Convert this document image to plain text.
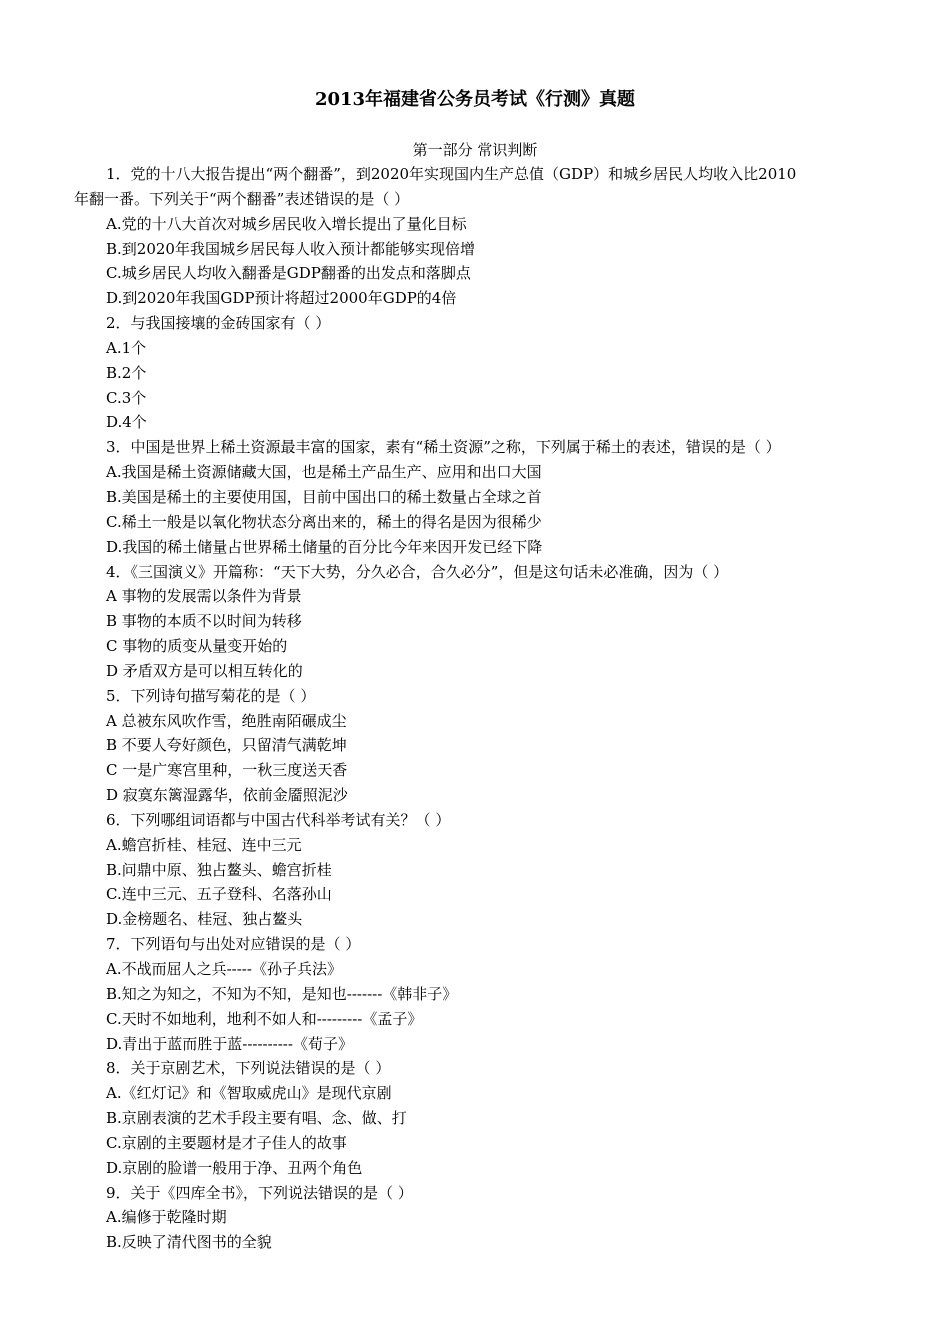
2013年福建省公务员考试《行测》真题
第一部分 常识判断
1．党的十八大报告提出“两个翻番”，到2020年实现国内生产总值（GDP）和城乡居民人均收入比2010
年翻一番。下列关于“两个翻番”表述错误的是（ ）
A.党的十八大首次对城乡居民收入增长提出了量化目标
B.到2020年我国城乡居民每人收入预计都能够实现倍增
C.城乡居民人均收入翻番是GDP翻番的出发点和落脚点
D.到2020年我国GDP预计将超过2000年GDP的4倍
2．与我国接壤的金砖国家有（ ）
A.1个
B.2个
C.3个
D.4个
3．中国是世界上稀土资源最丰富的国家，素有“稀土资源”之称，下列属于稀土的表述，错误的是（ ）
A.我国是稀土资源储藏大国，也是稀土产品生产、应用和出口大国
B.美国是稀土的主要使用国，目前中国出口的稀土数量占全球之首
C.稀土一般是以氧化物状态分离出来的，稀土的得名是因为很稀少
D.我国的稀土储量占世界稀土储量的百分比今年来因开发已经下降
4．《三国演义》开篇称：“天下大势，分久必合，合久必分”，但是这句话未必准确，因为（ ）
A 事物的发展需以条件为背景
B 事物的本质不以时间为转移
C 事物的质变从量变开始的
D 矛盾双方是可以相互转化的
5．下列诗句描写菊花的是（ ）
A 总被东风吹作雪，绝胜南陌碾成尘
B 不要人夸好颜色，只留清气满乾坤
C 一是广寒宫里种，一秋三度送天香
D 寂寞东篱湿露华，依前金靥照泥沙
6．下列哪组词语都与中国古代科举考试有关？（ ）
A.蟾宫折桂、桂冠、连中三元
B.问鼎中原、独占鳌头、蟾宫折桂
C.连中三元、五子登科、名落孙山
D.金榜题名、桂冠、独占鳌头
7．下列语句与出处对应错误的是（ ）
A.不战而屈人之兵-----《孙子兵法》
B.知之为知之，不知为不知，是知也-------《韩非子》
C.天时不如地利，地利不如人和---------《孟子》
D.青出于蓝而胜于蓝----------《荀子》
8．关于京剧艺术，下列说法错误的是（ ）
A.《红灯记》和《智取威虎山》是现代京剧
B.京剧表演的艺术手段主要有唱、念、做、打
C.京剧的主要题材是才子佳人的故事
D.京剧的脸谱一般用于净、丑两个角色
9．关于《四库全书》，下列说法错误的是（ ）
A.编修于乾隆时期
B.反映了清代图书的全貌
